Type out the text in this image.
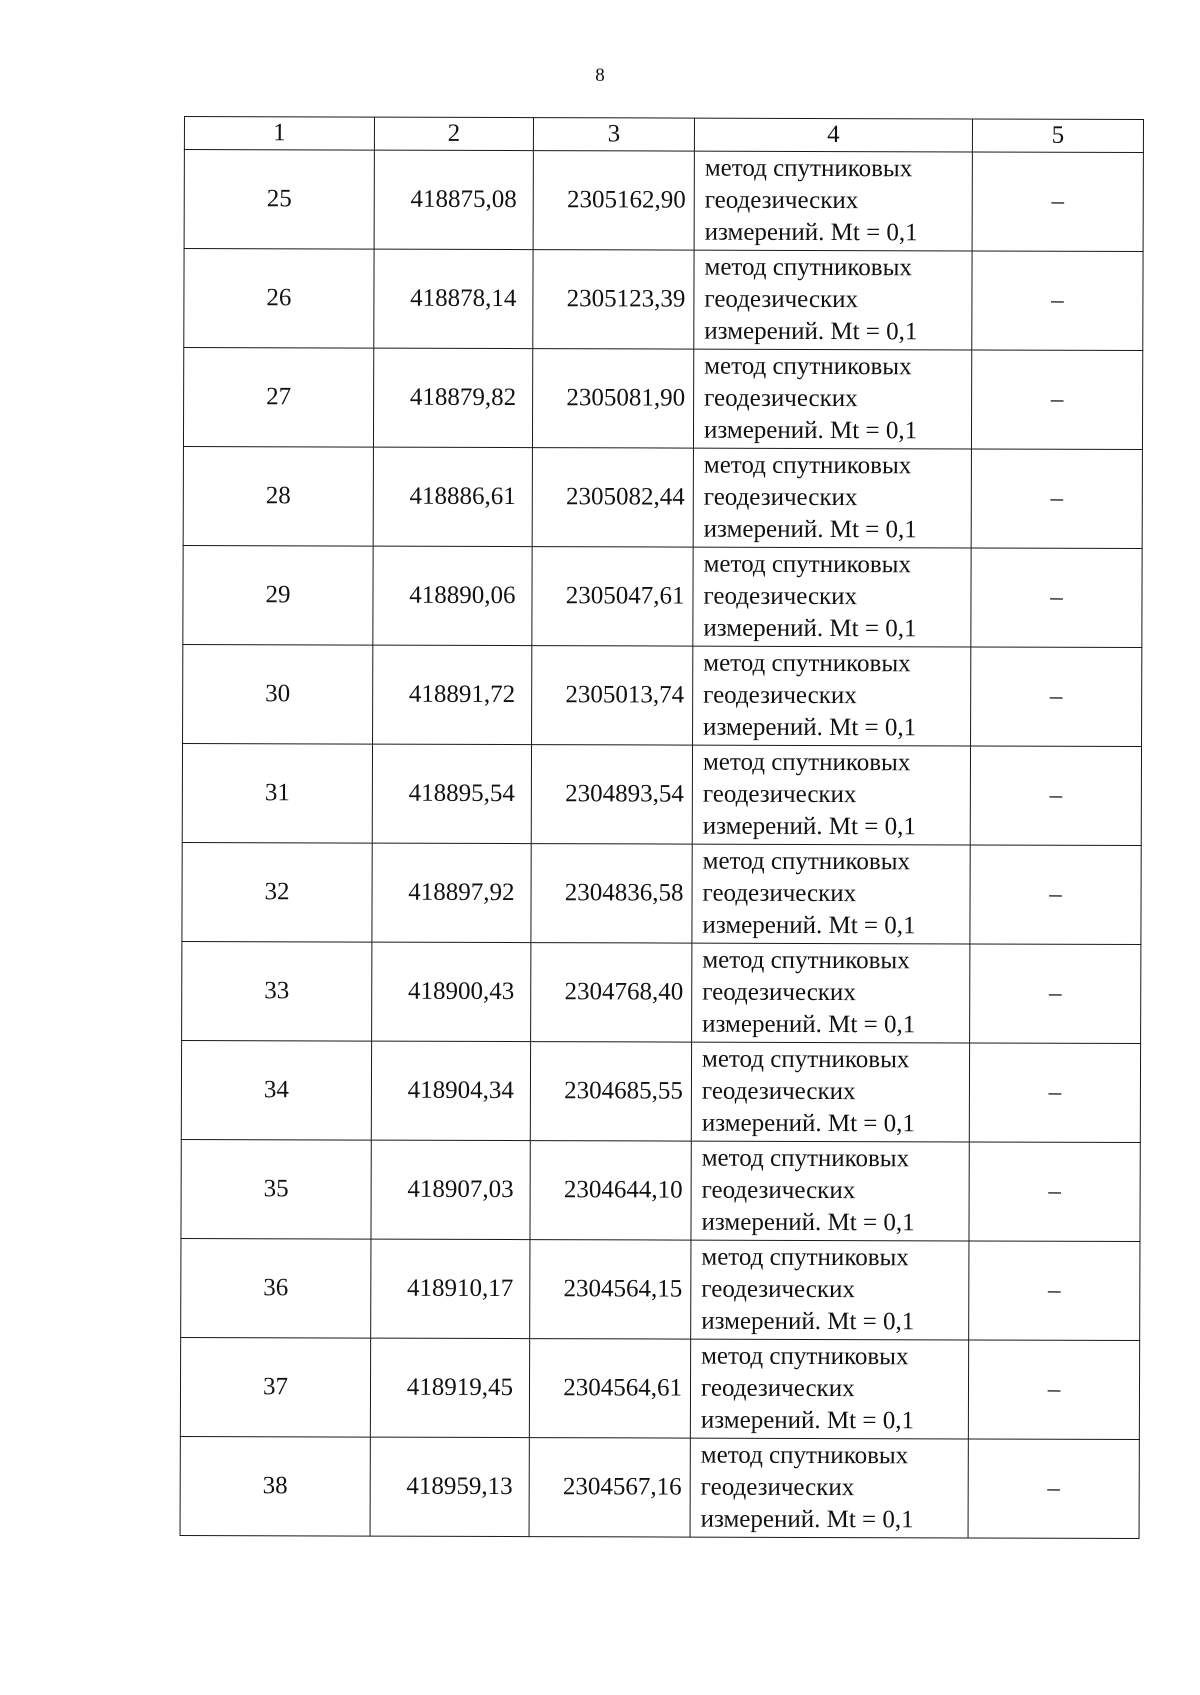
8
1	2	3	4	5
25	418875,08	2305162,90	метод спутниковых
геодезических
измерений. Mt = 0,1	–
26	418878,14	2305123,39	метод спутниковых
геодезических
измерений. Mt = 0,1	–
27	418879,82	2305081,90	метод спутниковых
геодезических
измерений. Mt = 0,1	–
28	418886,61	2305082,44	метод спутниковых
геодезических
измерений. Mt = 0,1	–
29	418890,06	2305047,61	метод спутниковых
геодезических
измерений. Mt = 0,1	–
30	418891,72	2305013,74	метод спутниковых
геодезических
измерений. Mt = 0,1	–
31	418895,54	2304893,54	метод спутниковых
геодезических
измерений. Mt = 0,1	–
32	418897,92	2304836,58	метод спутниковых
геодезических
измерений. Mt = 0,1	–
33	418900,43	2304768,40	метод спутниковых
геодезических
измерений. Mt = 0,1	–
34	418904,34	2304685,55	метод спутниковых
геодезических
измерений. Mt = 0,1	–
35	418907,03	2304644,10	метод спутниковых
геодезических
измерений. Mt = 0,1	–
36	418910,17	2304564,15	метод спутниковых
геодезических
измерений. Mt = 0,1	–
37	418919,45	2304564,61	метод спутниковых
геодезических
измерений. Mt = 0,1	–
38	418959,13	2304567,16	метод спутниковых
геодезических
измерений. Mt = 0,1	–
